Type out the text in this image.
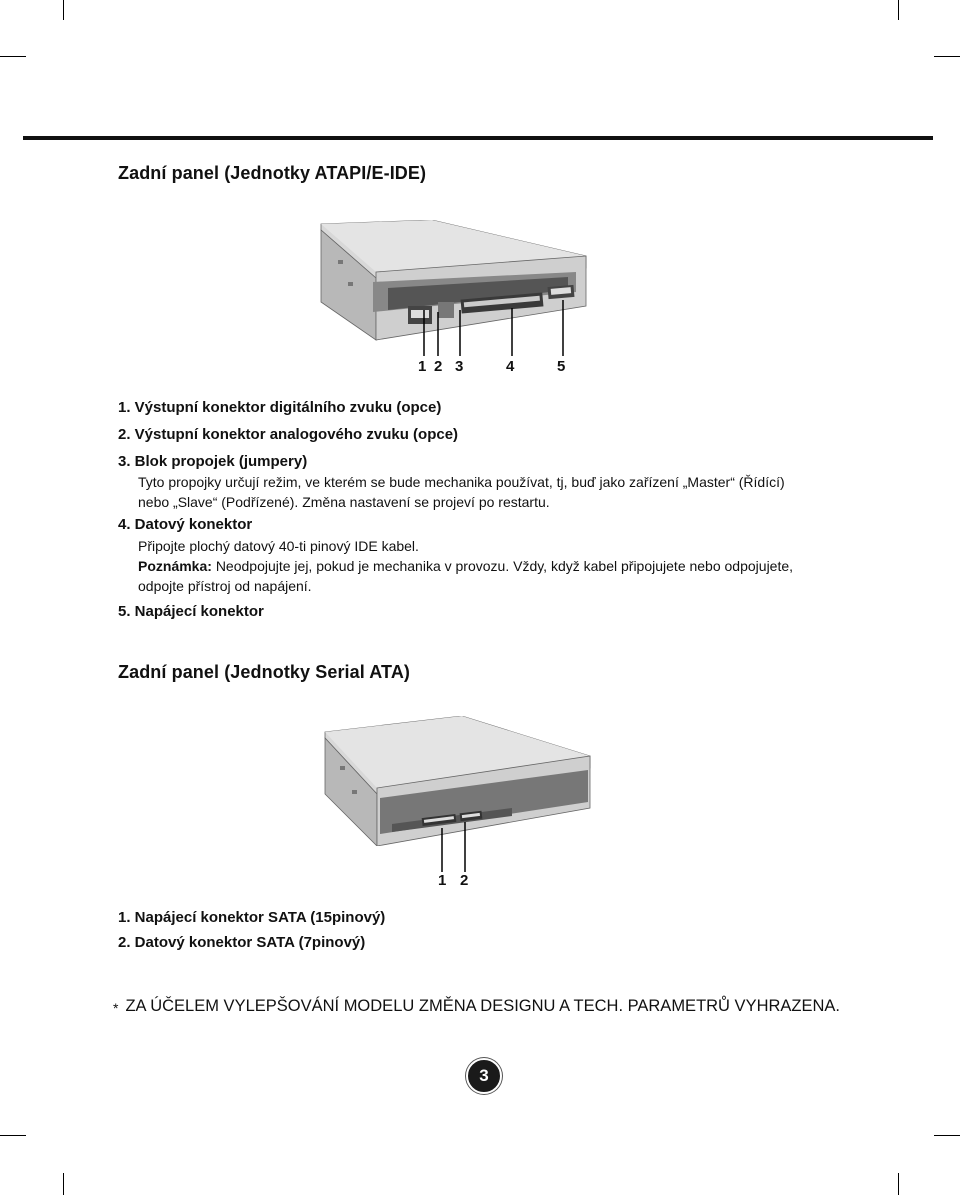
Zadní panel (Jednotky ATAPI/E-IDE)
1 2 3	4	5
1. Výstupní konektor digitálního zvuku (opce)
2. Výstupní konektor analogového zvuku (opce)
3. Blok propojek (jumpery)
Tyto propojky určují režim, ve kterém se bude mechanika používat, tj, buď jako zařízení „Master“ (Řídící)
nebo „Slave“ (Podřízené). Změna nastavení se projeví po restartu.
4. Datový konektor
Připojte plochý datový 40-ti pinový IDE kabel.
Poznámka: Neodpojujte jej, pokud je mechanika v provozu. Vždy, když kabel připojujete nebo odpojujete,
odpojte přístroj od napájení.
5. Napájecí konektor
Zadní panel (Jednotky Serial ATA)
1 2
1. Napájecí konektor SATA (15pinový)
2. Datový konektor SATA (7pinový)
* ZA ÚČELEM VYLEPŠOVÁNÍ MODELU ZMĚNA DESIGNU A TECH. PARAMETRŮ VYHRAZENA.
3
